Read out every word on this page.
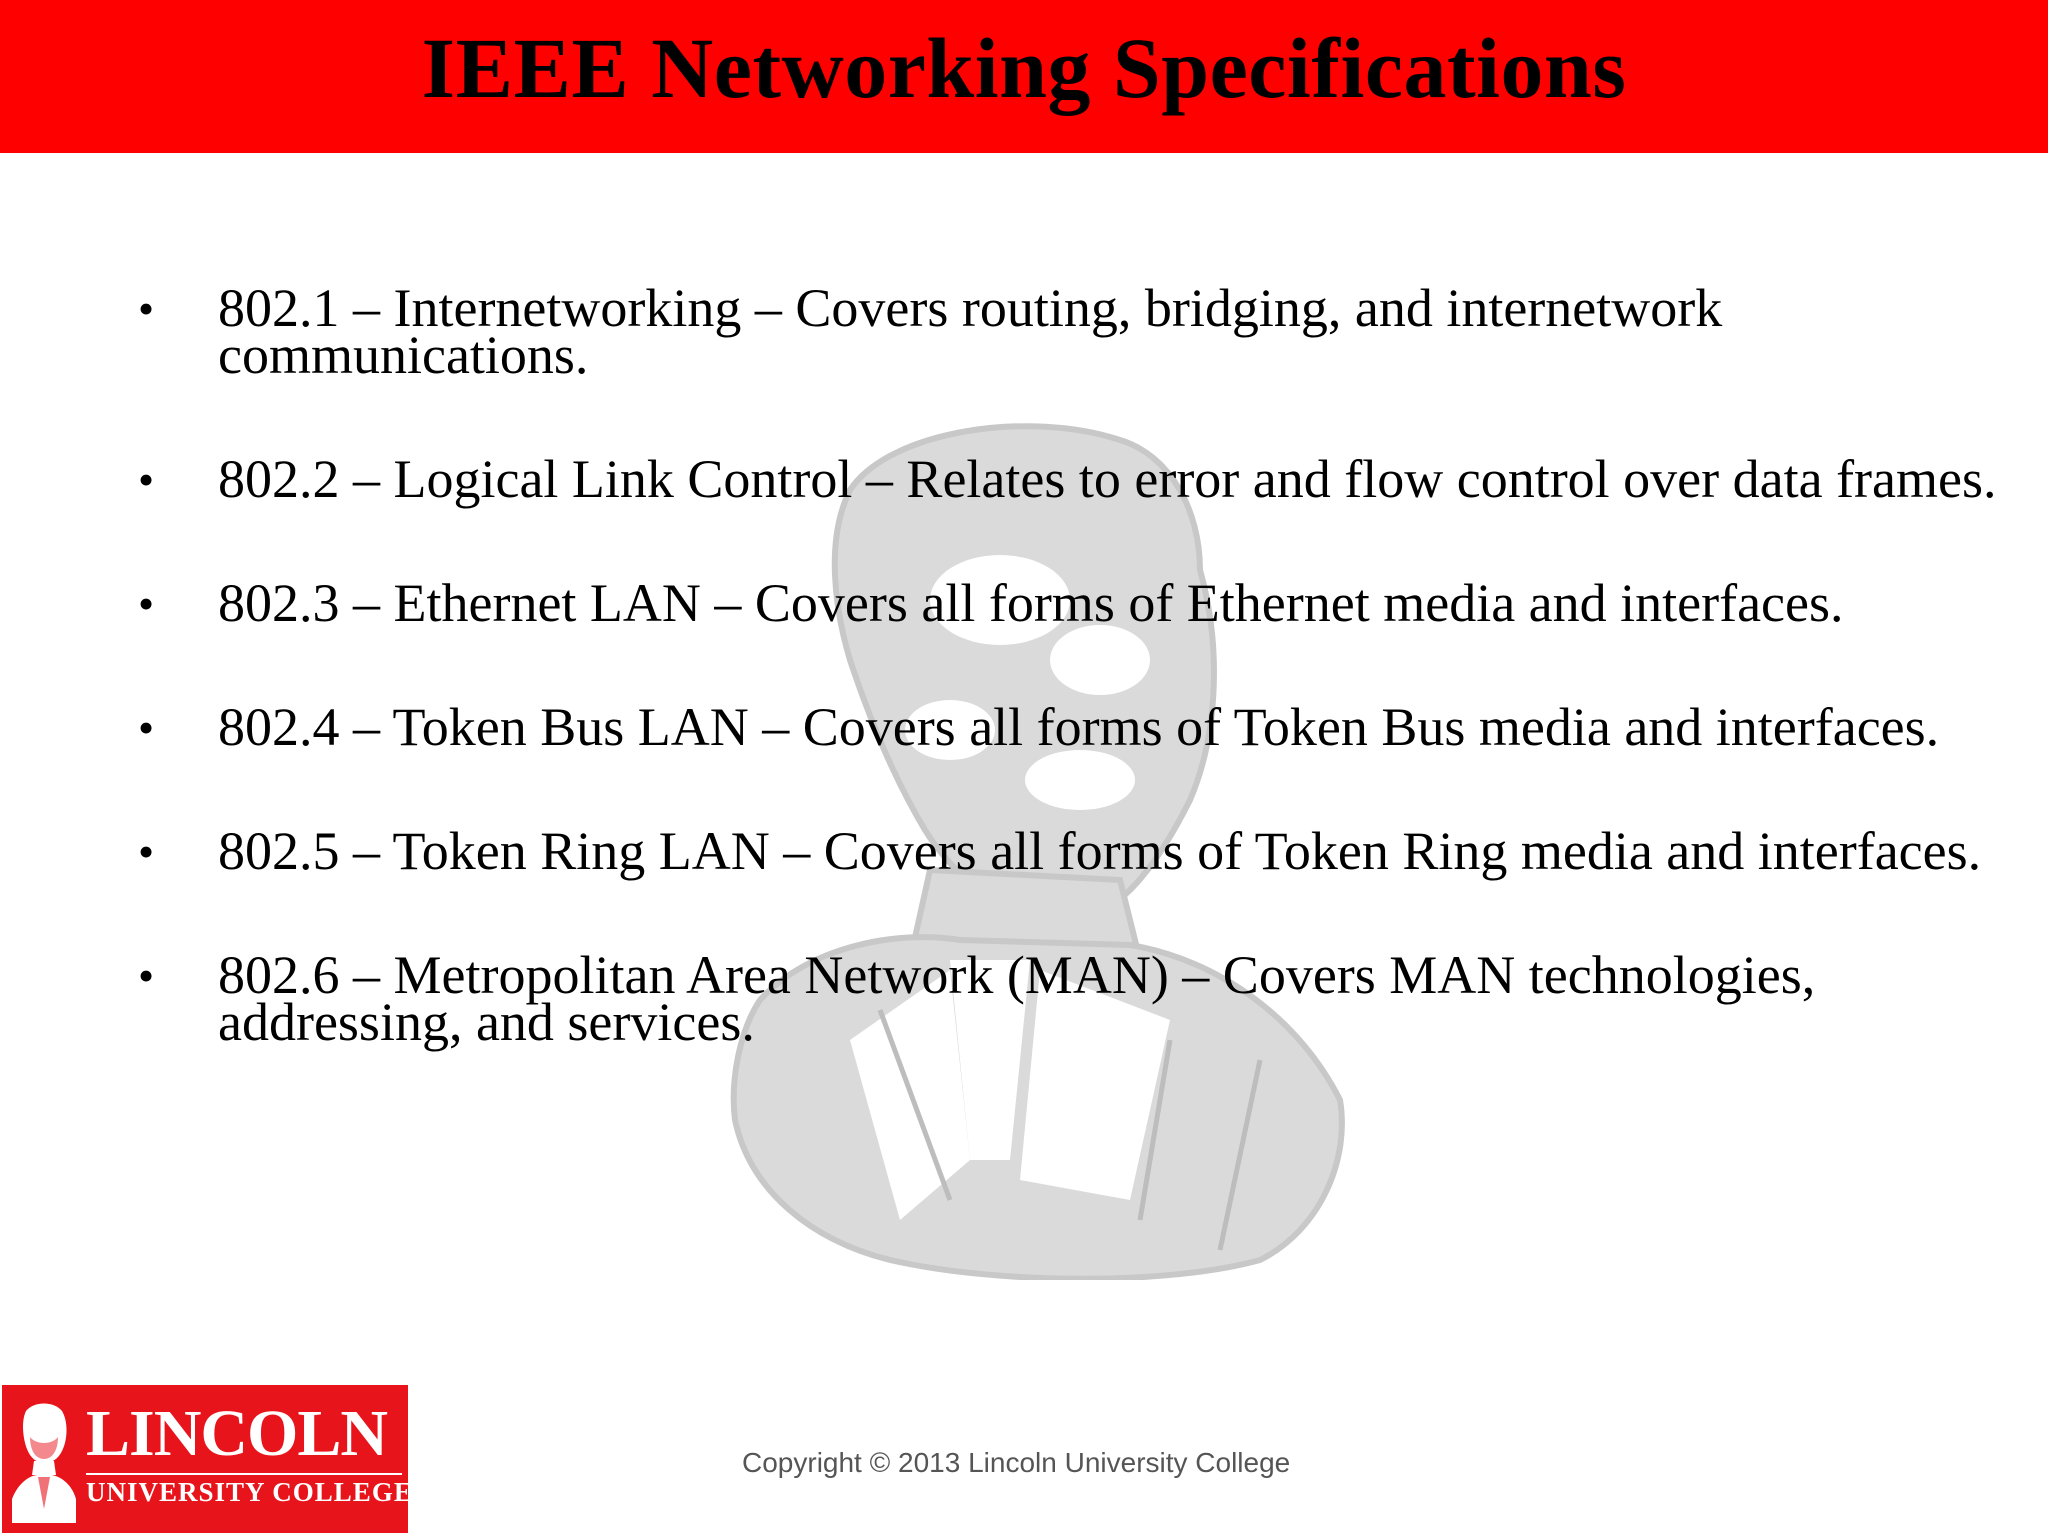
IEEE Networking Specifications
• 802.1 – Internetworking – Covers routing, bridging, and internetwork communications.
• 802.2 – Logical Link Control – Relates to error and flow control over data frames.
• 802.3 – Ethernet LAN – Covers all forms of Ethernet media and interfaces.
• 802.4 – Token Bus LAN – Covers all forms of Token Bus media and interfaces.
• 802.5 – Token Ring LAN – Covers all forms of Token Ring media and interfaces.
• 802.6 – Metropolitan Area Network (MAN) – Covers MAN technologies, addressing, and services.
LINCOLN
UNIVERSITY COLLEGE
Copyright © 2013 Lincoln University College
